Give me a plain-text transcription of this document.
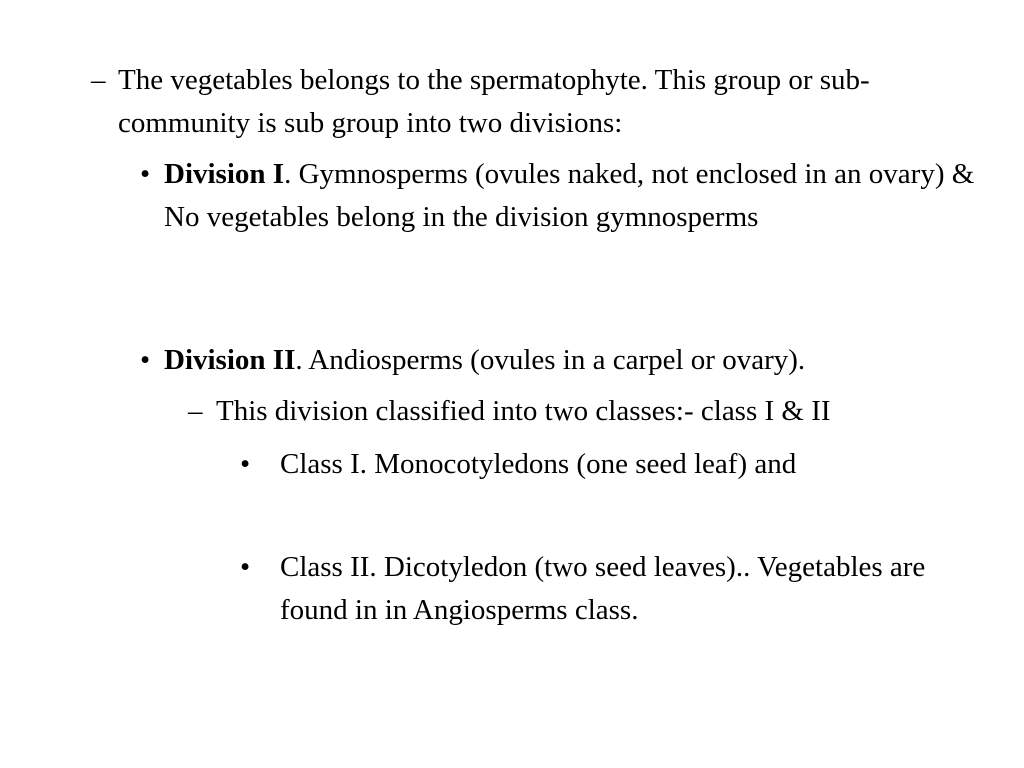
– The vegetables belongs to the spermatophyte. This group or sub-community is sub group into two divisions:
• Division I. Gymnosperms (ovules naked, not enclosed in an ovary) & No vegetables belong in the division gymnosperms
• Division II. Andiosperms (ovules in a carpel or ovary).
– This division classified into two classes:- class I & II
• Class I. Monocotyledons (one seed leaf) and
• Class II. Dicotyledon (two seed leaves).. Vegetables are found in in Angiosperms class.
